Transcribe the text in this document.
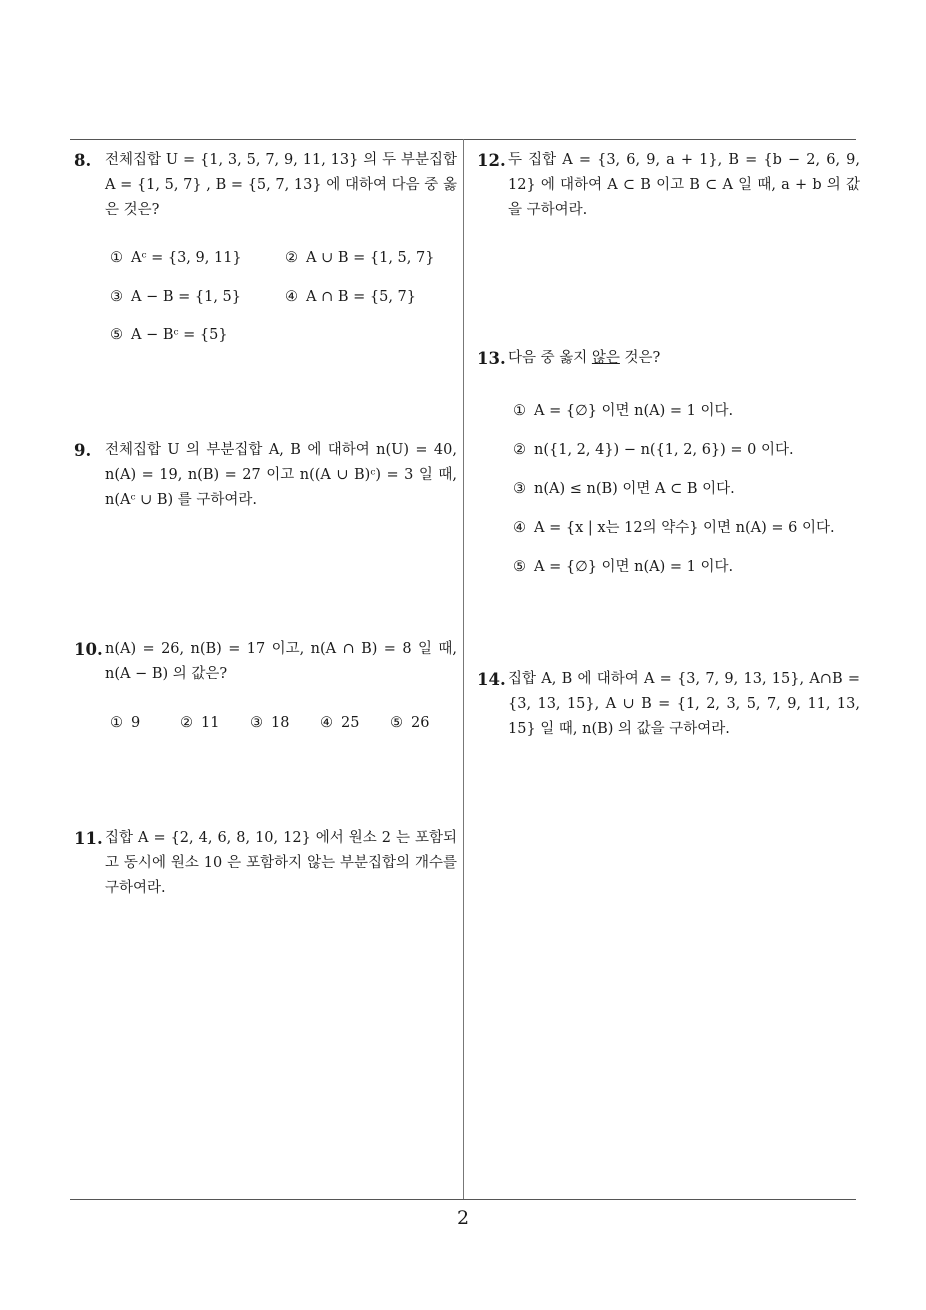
8. 전체집합 U = {1, 3, 5, 7, 9, 11, 13} 의 두 부분집합 A = {1, 5, 7} , B = {5, 7, 13} 에 대하여 다음 중 옳은 것은?
① Aᶜ = {3, 9, 11}	② A ∪ B = {1, 5, 7}
③ A − B = {1, 5}	④ A ∩ B = {5, 7}
⑤ A − Bᶜ = {5}
9. 전체집합 U 의 부분집합 A, B 에 대하여 n(U) = 40, n(A) = 19, n(B) = 27 이고 n((A ∪ B)ᶜ) = 3 일 때, n(Aᶜ ∪ B) 를 구하여라.
10. n(A) = 26, n(B) = 17 이고, n(A ∩ B) = 8 일 때, n(A − B) 의 값은?
① 9	② 11 ③ 18 ④ 25 ⑤ 26
11. 집합 A = {2, 4, 6, 8, 10, 12} 에서 원소 2 는 포함되고 동시에 원소 10 은 포함하지 않는 부분집합의 개수를 구하여라.
12. 두 집합 A = {3, 6, 9, a + 1}, B = {b − 2, 6, 9, 12} 에 대하여 A ⊂ B 이고 B ⊂ A 일 때, a + b 의 값을 구하여라.
13. 다음 중 옳지 않은 것은?
① A = {∅} 이면 n(A) = 1 이다.
② n({1, 2, 4}) − n({1, 2, 6}) = 0 이다.
③ n(A) ≤ n(B) 이면 A ⊂ B 이다.
④ A = {x | x는 12의 약수} 이면 n(A) = 6 이다.
⑤ A = {∅} 이면 n(A) = 1 이다.
14. 집합 A, B 에 대하여 A = {3, 7, 9, 13, 15}, A∩B = {3, 13, 15}, A ∪ B = {1, 2, 3, 5, 7, 9, 11, 13, 15} 일 때, n(B) 의 값을 구하여라.
2
